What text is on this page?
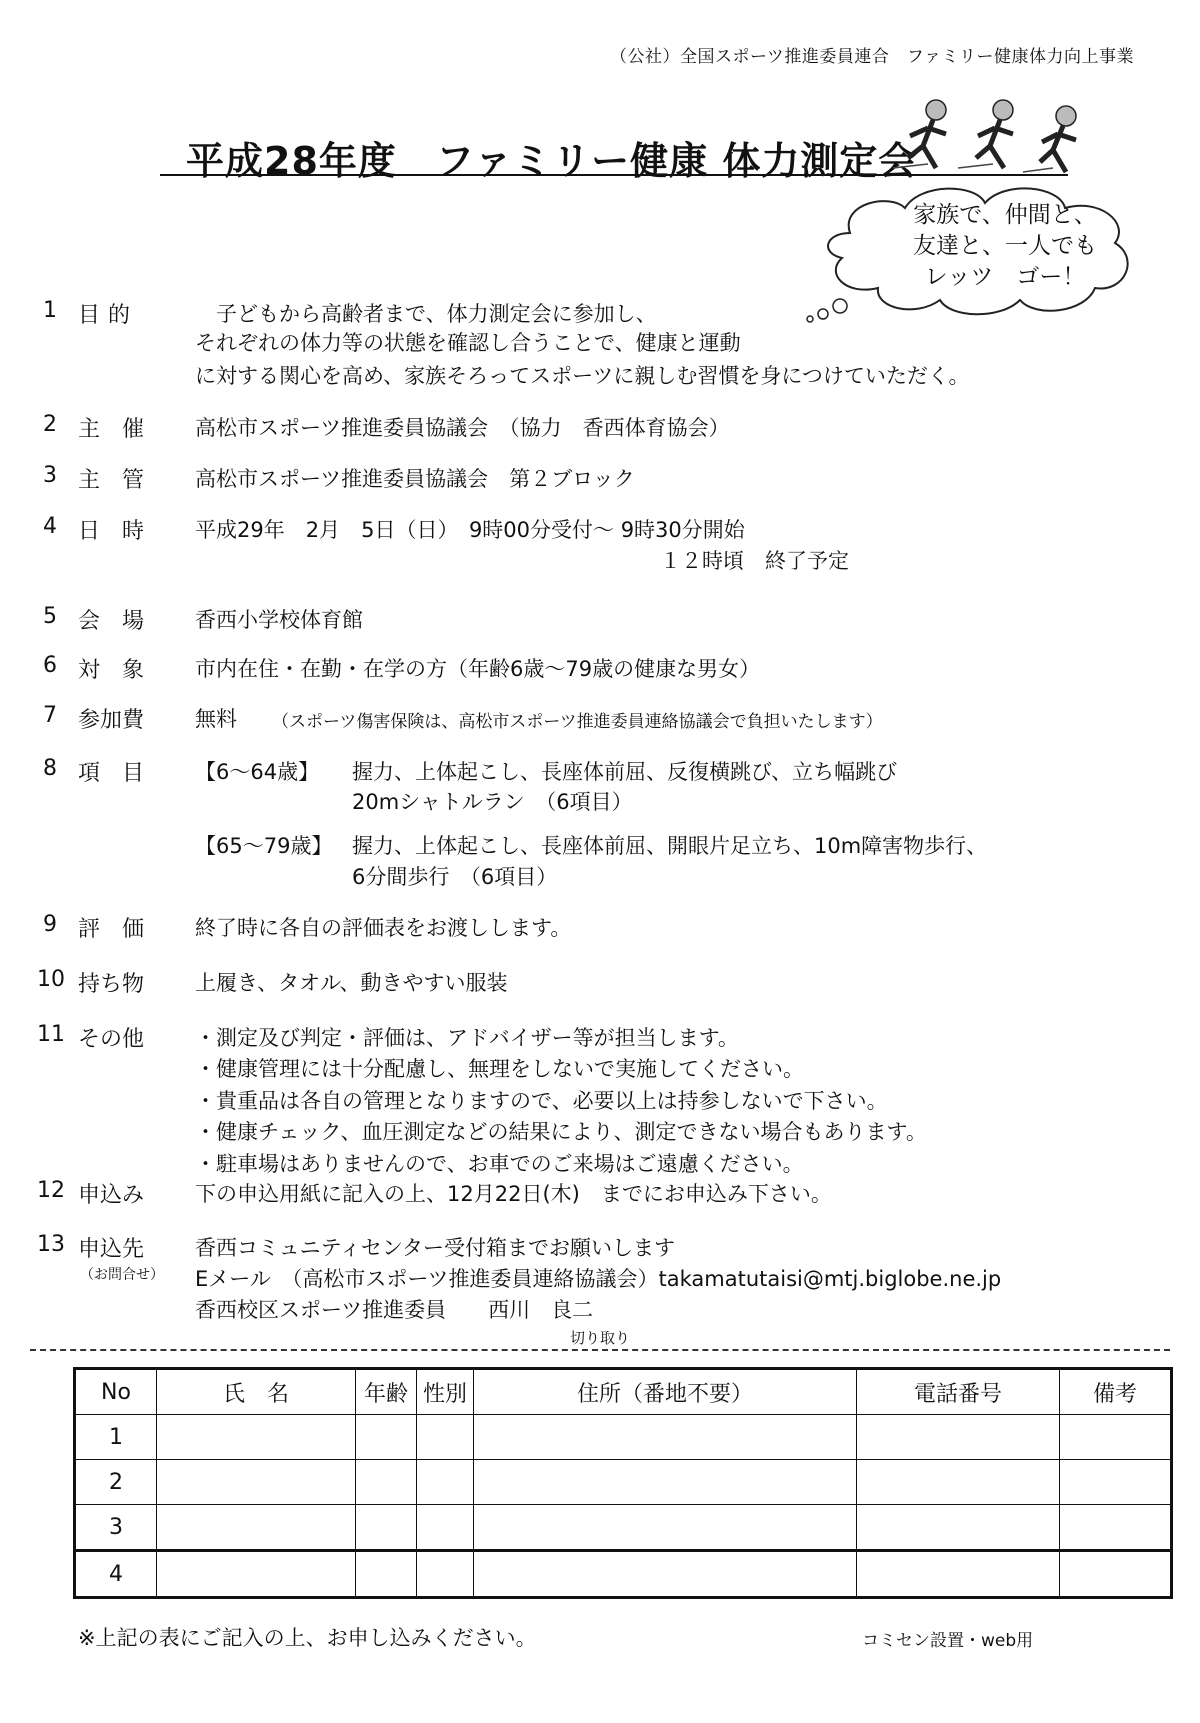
（公社）全国スポーツ推進委員連合　ファミリー健康体力向上事業
平成28年度　ファミリー健康 体力測定会
家族で、仲間と、
友達と、一人でも
レッツ　ゴー！
1 目的	　子どもから高齢者まで、体力測定会に参加し、
それぞれの体力等の状態を確認し合うことで、健康と運動
に対する関心を高め、家族そろってスポーツに親しむ習慣を身につけていただく。
2 主催 高松市スポーツ推進委員協議会　（協力　香西体育協会）
3 主管 高松市スポーツ推進委員協議会　第２ブロック
4 日時 平成29年　2月　5日（日）　9時00分受付～ 9時30分開始
１２時頃　終了予定
5 会場 香西小学校体育館
6 対象 市内在住・在勤・在学の方（年齢6歳～79歳の健康な男女）
7 参加費 無料 （スポーツ傷害保険は、高松市スポーツ推進委員連絡協議会で負担いたします）
8 項目 【6～64歳】 握力、上体起こし、長座体前屈、反復横跳び、立ち幅跳び
20mシャトルラン　（6項目）
【65～79歳】 握力、上体起こし、長座体前屈、開眼片足立ち、10m障害物歩行、
6分間歩行　（6項目）
9 評価 終了時に各自の評価表をお渡しします。
10 持ち物 上履き、タオル、動きやすい服装
11 その他 ・測定及び判定・評価は、アドバイザー等が担当します。
・健康管理には十分配慮し、無理をしないで実施してください。
・貴重品は各自の管理となりますので、必要以上は持参しないで下さい。
・健康チェック、血圧測定などの結果により、測定できない場合もあります。
・駐車場はありませんので、お車でのご来場はご遠慮ください。
12 申込み 下の申込用紙に記入の上、12月22日(木)　までにお申込み下さい。
13 申込先
（お問合せ）
香西コミュニティセンター受付箱までお願いします
Eメール　（高松市スポーツ推進委員連絡協議会）takamatutaisi@mtj.biglobe.ne.jp
香西校区スポーツ推進委員　　西川　良二
切り取り
No	氏　名	年齢	性別	住所（番地不要）	電話番号	備考
1						
2						
3						
4						
※上記の表にご記入の上、お申し込みください。	コミセン設置・web用
